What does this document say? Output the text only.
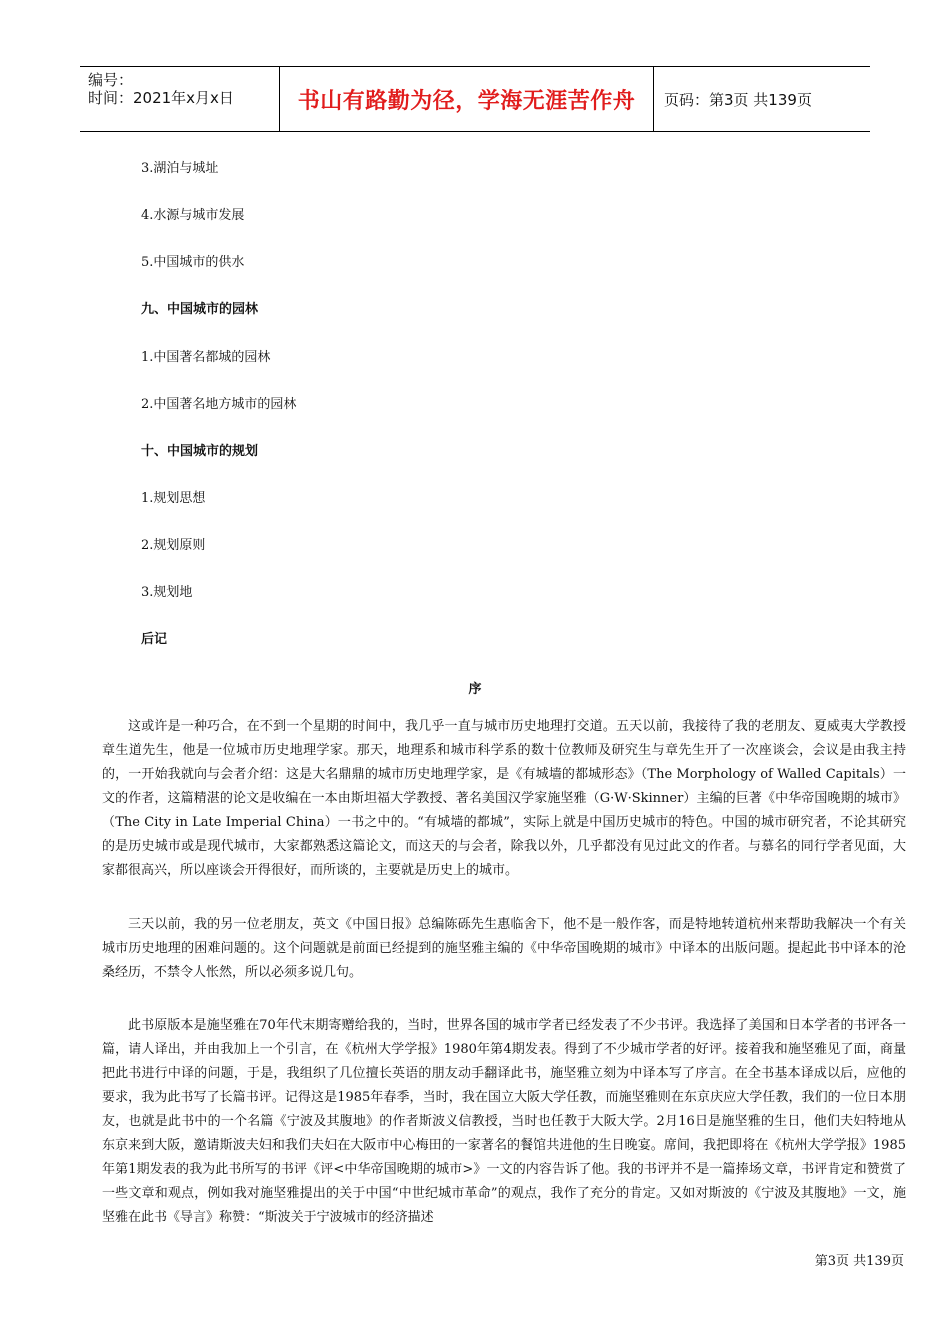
编号：
时间：2021年x月x日	书山有路勤为径，学海无涯苦作舟	页码：第3页 共139页
3.湖泊与城址
4.水源与城市发展
5.中国城市的供水
九、中国城市的园林
1.中国著名都城的园林
2.中国著名地方城市的园林
十、中国城市的规划
1.规划思想
2.规划原则
3.规划地
后记
序
这或许是一种巧合，在不到一个星期的时间中，我几乎一直与城市历史地理打交道。五天以前，我接待了我的老朋友、夏威夷大学教授章生道先生，他是一位城市历史地理学家。那天，地理系和城市科学系的数十位教师及研究生与章先生开了一次座谈会，会议是由我主持的，一开始我就向与会者介绍：这是大名鼎鼎的城市历史地理学家，是《有城墙的都城形态》（The Morphology of Walled Capitals）一文的作者，这篇精湛的论文是收编在一本由斯坦福大学教授、著名美国汉学家施坚雅（G·W·Skinner）主编的巨著《中华帝国晚期的城市》（The City in Late Imperial China）一书之中的。“有城墙的都城”，实际上就是中国历史城市的特色。中国的城市研究者，不论其研究的是历史城市或是现代城市，大家都熟悉这篇论文，而这天的与会者，除我以外，几乎都没有见过此文的作者。与慕名的同行学者见面，大家都很高兴，所以座谈会开得很好，而所谈的，主要就是历史上的城市。
三天以前，我的另一位老朋友，英文《中国日报》总编陈砾先生惠临舍下，他不是一般作客，而是特地转道杭州来帮助我解决一个有关城市历史地理的困难问题的。这个问题就是前面已经提到的施坚雅主编的《中华帝国晚期的城市》中译本的出版问题。提起此书中译本的沧桑经历，不禁令人怅然，所以必须多说几句。
此书原版本是施坚雅在70年代末期寄赠给我的，当时，世界各国的城市学者已经发表了不少书评。我选择了美国和日本学者的书评各一篇，请人译出，并由我加上一个引言，在《杭州大学学报》1980年第4期发表。得到了不少城市学者的好评。接着我和施坚雅见了面，商量把此书进行中译的问题，于是，我组织了几位擅长英语的朋友动手翻译此书，施坚雅立刻为中译本写了序言。在全书基本译成以后，应他的要求，我为此书写了长篇书评。记得这是1985年春季，当时，我在国立大阪大学任教，而施坚雅则在东京庆应大学任教，我们的一位日本朋友，也就是此书中的一个名篇《宁波及其腹地》的作者斯波义信教授，当时也任教于大阪大学。2月16日是施坚雅的生日，他们夫妇特地从东京来到大阪，邀请斯波夫妇和我们夫妇在大阪市中心梅田的一家著名的餐馆共进他的生日晚宴。席间，我把即将在《杭州大学学报》1985年第1期发表的我为此书所写的书评《评<中华帝国晚期的城市>》一文的内容告诉了他。我的书评并不是一篇捧场文章，书评肯定和赞赏了一些文章和观点，例如我对施坚雅提出的关于中国“中世纪城市革命”的观点，我作了充分的肯定。又如对斯波的《宁波及其腹地》一文，施坚雅在此书《导言》称赞：“斯波关于宁波城市的经济描述
第3页 共139页
